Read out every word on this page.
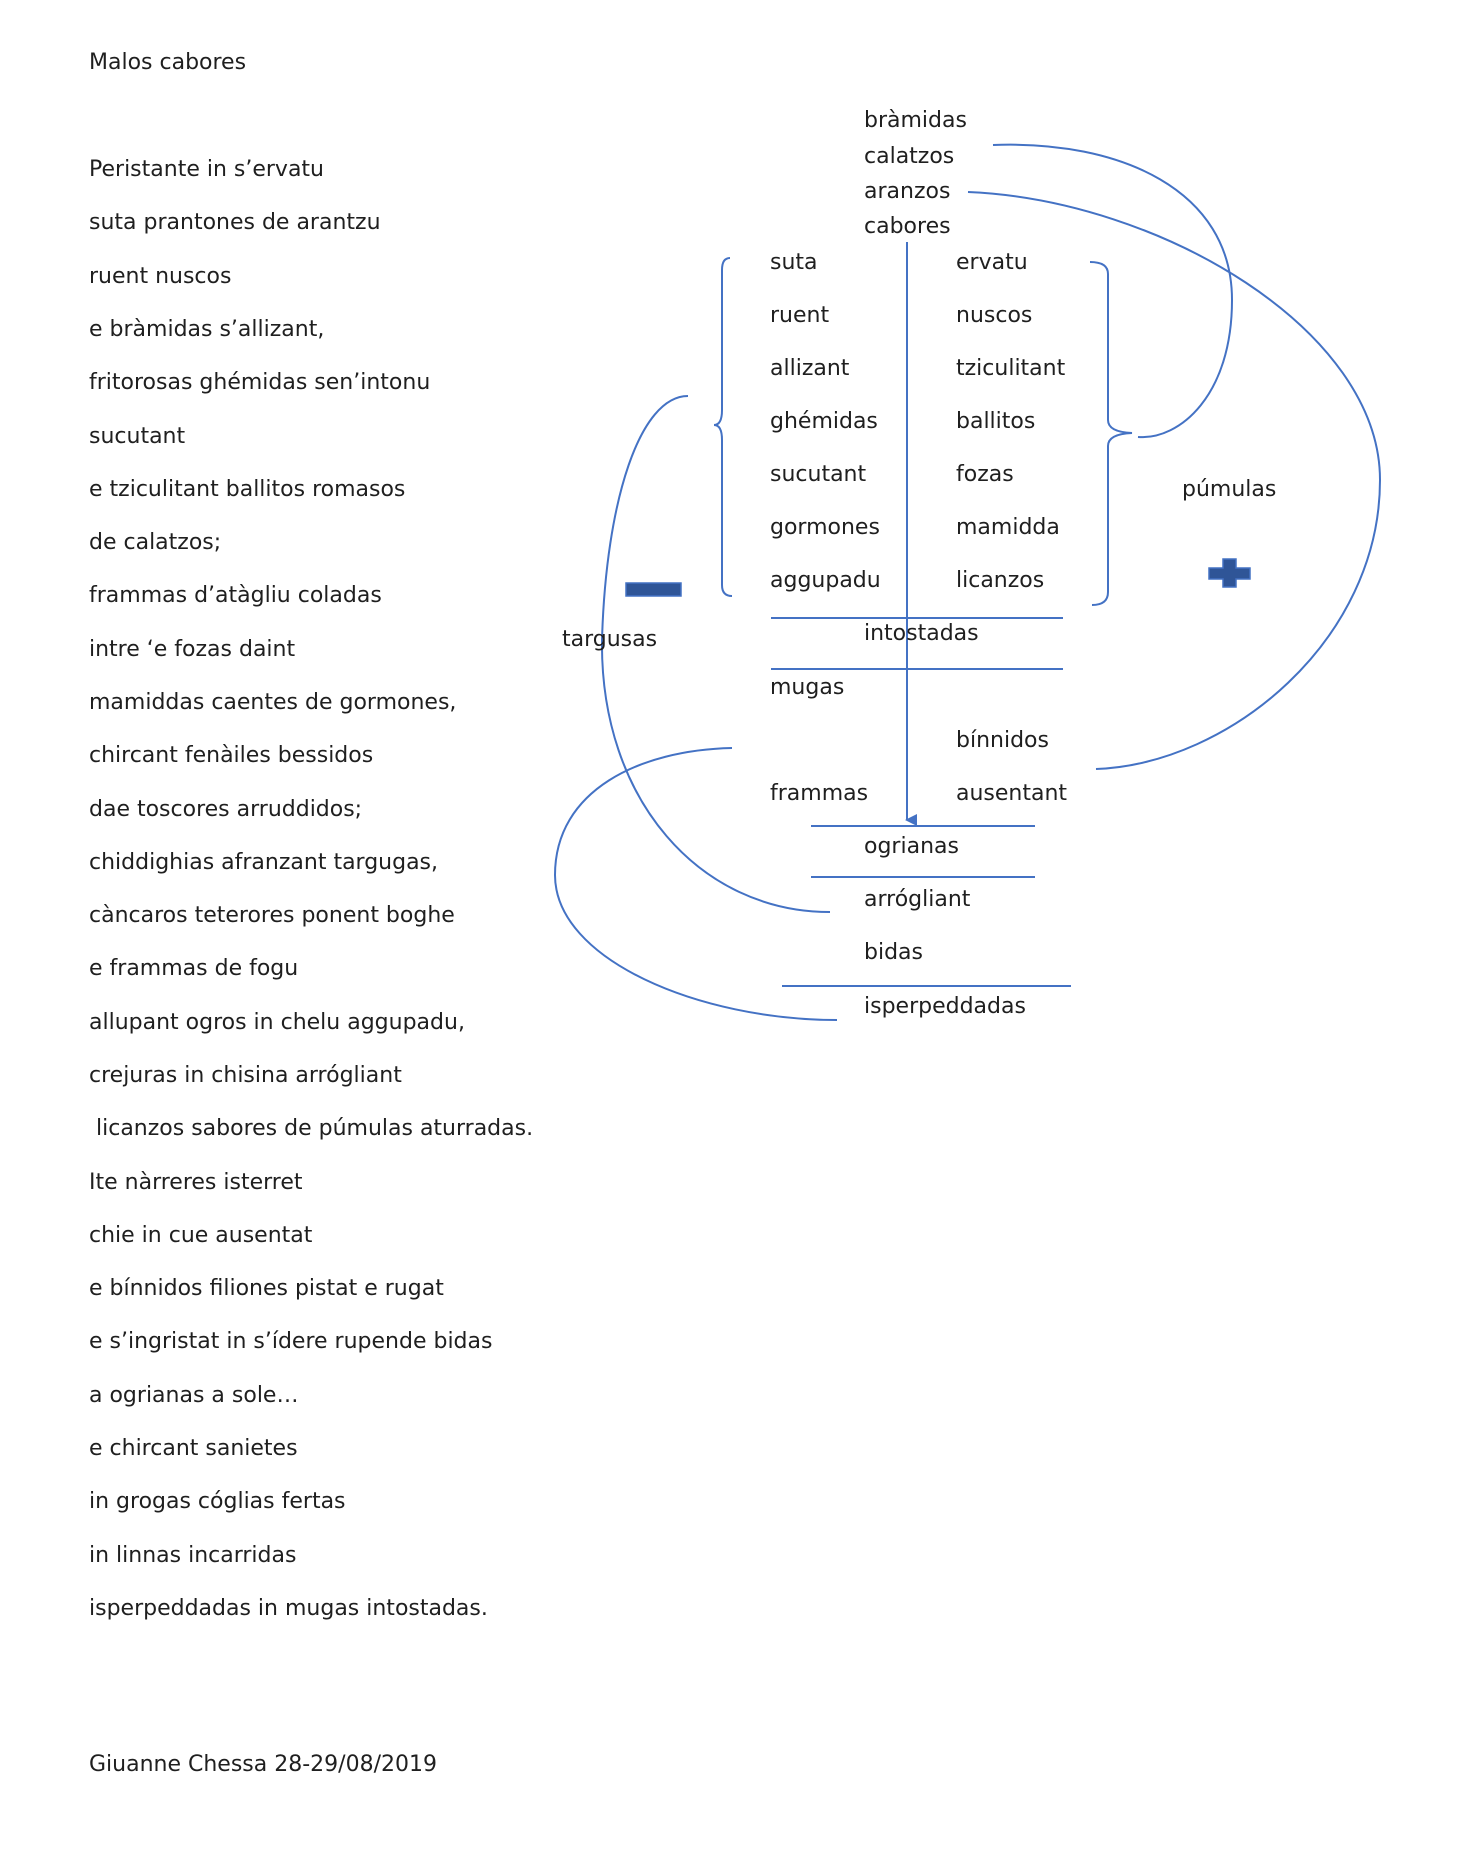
Malos cabores
Peristante in s’ervatu
suta prantones de arantzu
ruent nuscos
e bràmidas s’allizant,
fritorosas ghémidas sen’intonu
sucutant
e tziculitant ballitos romasos
de calatzos;
frammas d’atàgliu coladas
intre ‘e fozas daint
mamiddas caentes de gormones,
chircant fenàiles bessidos
dae toscores arruddidos;
chiddighias afranzant targugas,
càncaros teterores ponent boghe
e frammas de fogu
allupant ogros in chelu aggupadu,
crejuras in chisina arrógliant
licanzos sabores de púmulas aturradas.
Ite nàrreres isterret
chie in cue ausentat
e bínnidos filiones pistat e rugat
e s’ingristat in s’ídere rupende bidas
a ogrianas a sole…
e chircant sanietes
in grogas cóglias fertas
in linnas incarridas
isperpeddadas in mugas intostadas.
Giuanne Chessa 28-29/08/2019
bràmidas
calatzos
aranzos
cabores
suta
ruent
allizant
ghémidas
sucutant
gormones
aggupadu
ervatu
nuscos
tziculitant
ballitos
fozas
mamidda
licanzos
targusas
púmulas
intostadas
mugas
bínnidos
frammas	ausentant
ogrianas
arrógliant
bidas
isperpeddadas
